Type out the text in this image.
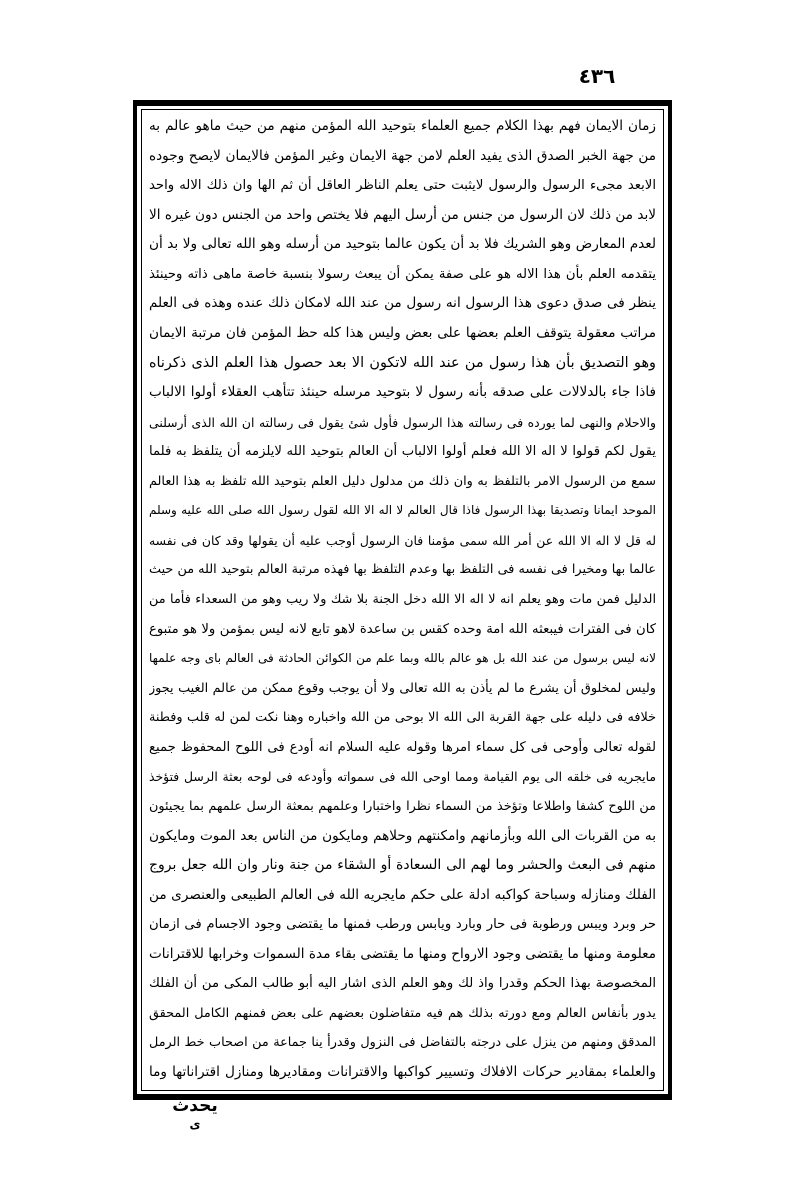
٤٣٦
زمان الايمان فهم بهذا الكلام جميع العلماء بتوحيد الله المؤمن منهم من حيث ماهو عالم به
من جهة الخبر الصدق الذى يفيد العلم لامن جهة الايمان وغير المؤمن فالايمان لايصح وجوده
الابعد مجىء الرسول والرسول لايثبت حتى يعلم الناظر العاقل أن ثم الها وان ذلك الاله واحد
لابد من ذلك لان الرسول من جنس من أرسل اليهم فلا يختص واحد من الجنس دون غيره الا
لعدم المعارض وهو الشريك فلا بد أن يكون عالما بتوحيد من أرسله وهو الله تعالى ولا بد أن
يتقدمه العلم بأن هذا الاله هو على صفة يمكن أن يبعث رسولا بنسبة خاصة ماهى ذاته وحينئذ
ينظر فى صدق دعوى هذا الرسول انه رسول من عند الله لامكان ذلك عنده وهذه فى العلم
مراتب معقولة يتوقف العلم بعضها على بعض وليس هذا كله حظ المؤمن فان مرتبة الايمان
وهو التصديق بأن هذا رسول من عند الله لاتكون الا بعد حصول هذا العلم الذى ذكرناه
فاذا جاء بالدلالات على صدقه بأنه رسول لا بتوحيد مرسله حينئذ تتأهب العقلاء أولوا الالباب
والاحلام والنهى لما يورده فى رسالته هذا الرسول فأول شئ يقول فى رسالته ان الله الذى أرسلنى
يقول لكم قولوا لا اله الا الله فعلم أولوا الالباب أن العالم بتوحيد الله لايلزمه أن يتلفظ به فلما
سمع من الرسول الامر بالتلفظ به وان ذلك من مدلول دليل العلم بتوحيد الله تلفظ به هذا العالم
الموحد ايمانا وتصديقا بهذا الرسول فاذا قال العالم لا اله الا الله لقول رسول الله صلى الله عليه وسلم
له قل لا اله الا الله عن أمر الله سمى مؤمنا فان الرسول أوجب عليه أن يقولها وقد كان فى نفسه
عالما بها ومخيرا فى نفسه فى التلفظ بها وعدم التلفظ بها فهذه مرتبة العالم بتوحيد الله من حيث
الدليل فمن مات وهو يعلم انه لا اله الا الله دخل الجنة بلا شك ولا ريب وهو من السعداء فأما من
كان فى الفترات فيبعثه الله امة وحده كقس بن ساعدة لاهو تابع لانه ليس بمؤمن ولا هو متبوع
لانه ليس برسول من عند الله بل هو عالم بالله وبما علم من الكوائن الحادثة فى العالم باى وجه علمها
وليس لمخلوق أن يشرع ما لم يأذن به الله تعالى ولا أن يوجب وقوع ممكن من عالم الغيب يجوز
خلافه فى دليله على جهة القربة الى الله الا بوحى من الله واخباره وهنا نكت لمن له قلب وفطنة
لقوله تعالى وأوحى فى كل سماء امرها وقوله عليه السلام انه أودع فى اللوح المحفوظ جميع
مايجريه فى خلقه الى يوم القيامة ومما اوحى الله فى سمواته وأودعه فى لوحه بعثة الرسل فتؤخذ
من اللوح كشفا واطلاعا وتؤخذ من السماء نظرا واختبارا وعلمهم بمعثة الرسل علمهم بما يجيئون
به من القربات الى الله وبأزمانهم وامكنتهم وحلاهم ومايكون من الناس بعد الموت ومايكون
منهم فى البعث والحشر وما لهم الى السعادة أو الشقاء من جنة ونار وان الله جعل بروج
الفلك ومنازله وسباحة كواكبه ادلة على حكم مايجريه الله فى العالم الطبيعى والعنصرى من
حر وبرد ويبس ورطوبة فى حار وبارد ويابس ورطب فمنها ما يقتضى وجود الاجسام فى ازمان
معلومة ومنها ما يقتضى وجود الارواح ومنها ما يقتضى بقاء مدة السموات وخرابها للاقترانات
المخصوصة بهذا الحكم وقدرا واذ لك وهو العلم الذى اشار اليه أبو طالب المكى من أن الفلك
يدور بأنفاس العالم ومع دورته بذلك هم فيه متفاضلون بعضهم على بعض فمنهم الكامل المحقق
المدقق ومنهم من ينزل على درجته بالتفاضل فى النزول وقدرأ ينا جماعة من اصحاب خط الرمل
والعلماء بمقادير حركات الافلاك وتسيير كواكبها والاقترانات ومقاديرها ومنازل اقتراناتها وما
يحدث
ى
